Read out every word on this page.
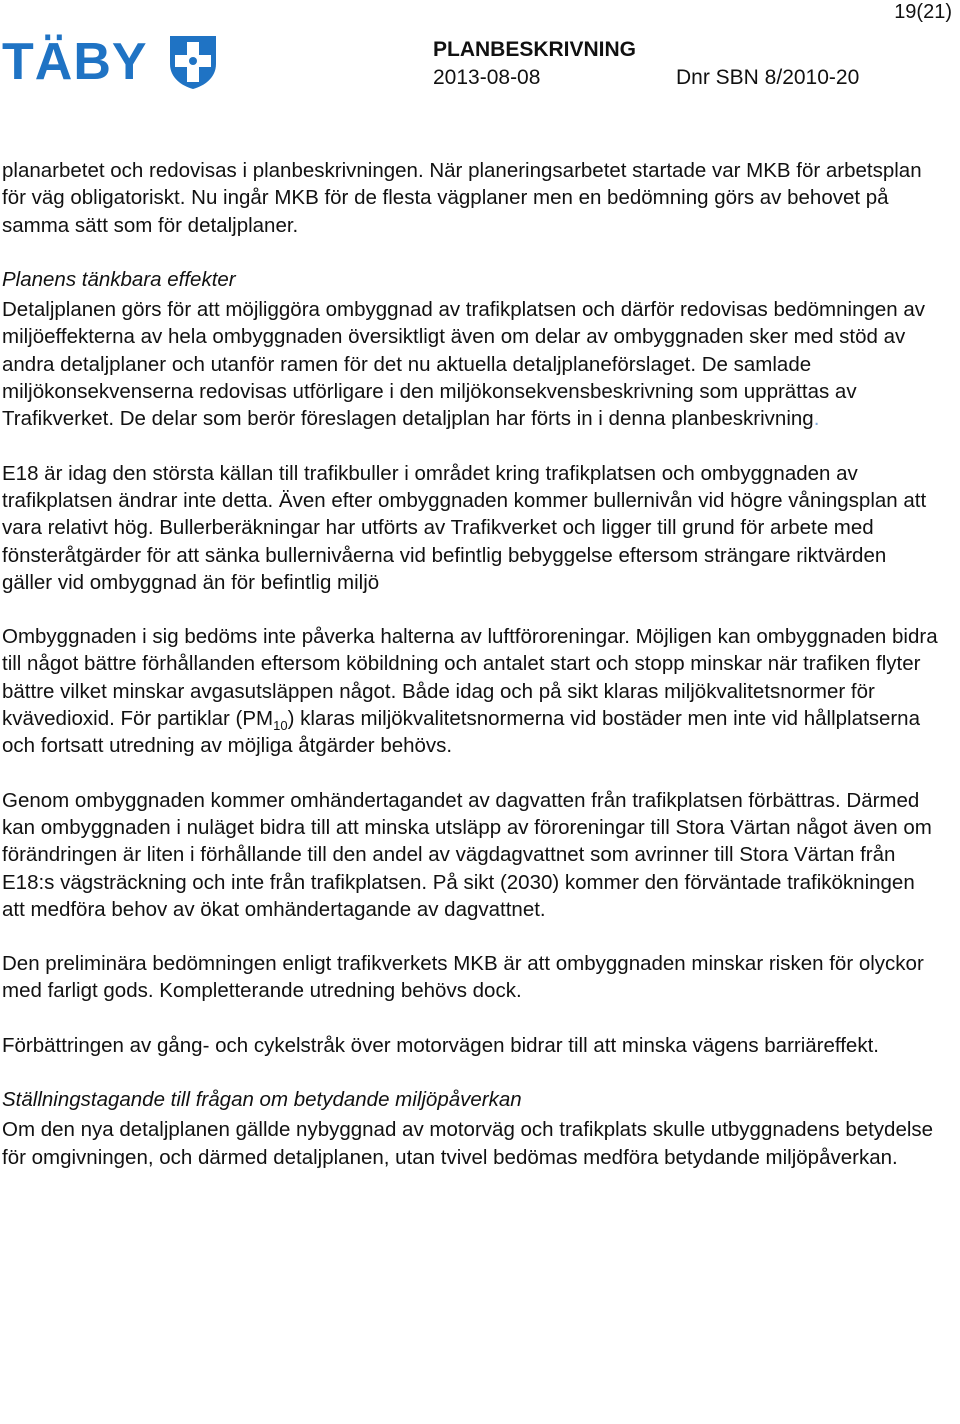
19(21)
TÄBY	PLANBESKRIVNING
2013-08-08	Dnr SBN 8/2010-20

planarbetet och redovisas i planbeskrivningen. När planeringsarbetet startade var MKB för arbetsplan för väg obligatoriskt. Nu ingår MKB för de flesta vägplaner men en bedömning görs av behovet på samma sätt som för detaljplaner.

Planens tänkbara effekter

Detaljplanen görs för att möjliggöra ombyggnad av trafikplatsen och därför redovisas bedömningen av miljöeffekterna av hela ombyggnaden översiktligt även om delar av ombyggnaden sker med stöd av andra detaljplaner och utanför ramen för det nu aktuella detaljplaneförslaget. De samlade miljökonsekvenserna redovisas utförligare i den miljökonsekvensbeskrivning som upprättas av Trafikverket. De delar som berör föreslagen detaljplan har förts in i denna planbeskrivning.

E18 är idag den största källan till trafikbuller i området kring trafikplatsen och ombyggnaden av trafikplatsen ändrar inte detta. Även efter ombyggnaden kommer bullernivån vid högre våningsplan att vara relativt hög. Bullerberäkningar har utförts av Trafikverket och ligger till grund för arbete med fönsteråtgärder för att sänka bullernivåerna vid befintlig bebyggelse eftersom strängare riktvärden gäller vid ombyggnad än för befintlig miljö

Ombyggnaden i sig bedöms inte påverka halterna av luftföroreningar. Möjligen kan ombyggnaden bidra till något bättre förhållanden eftersom köbildning och antalet start och stopp minskar när trafiken flyter bättre vilket minskar avgasutsläppen något. Både idag och på sikt klaras miljökvalitetsnormer för kvävedioxid. För partiklar $(PM_{10})$ klaras miljökvalitetsnormerna vid bostäder men inte vid hållplatserna och fortsatt utredning av möjliga åtgärder behövs.

Genom ombyggnaden kommer omhändertagandet av dagvatten från trafikplatsen förbättras. Därmed kan ombyggnaden i nuläget bidra till att minska utsläpp av föroreningar till Stora Värtan något även om förändringen är liten i förhållande till den andel av vägdagvattnet som avrinner till Stora Värtan från E18:s vägsträckning och inte från trafikplatsen. På sikt (2030) kommer den förväntade trafikökningen att medföra behov av ökat omhändertagande av dagvattnet.

Den preliminära bedömningen enligt trafikverkets MKB är att ombyggnaden minskar risken för olyckor med farligt gods. Kompletterande utredning behövs dock.

Förbättringen av gång- och cykelstråk över motorvägen bidrar till att minska vägens barriäreffekt.

Ställningstagande till frågan om betydande miljöpåverkan

Om den nya detaljplanen gällde nybyggnad av motorväg och trafikplats skulle utbyggnadens betydelse för omgivningen, och därmed detaljplanen, utan tvivel bedömas medföra betydande miljöpåverkan.
